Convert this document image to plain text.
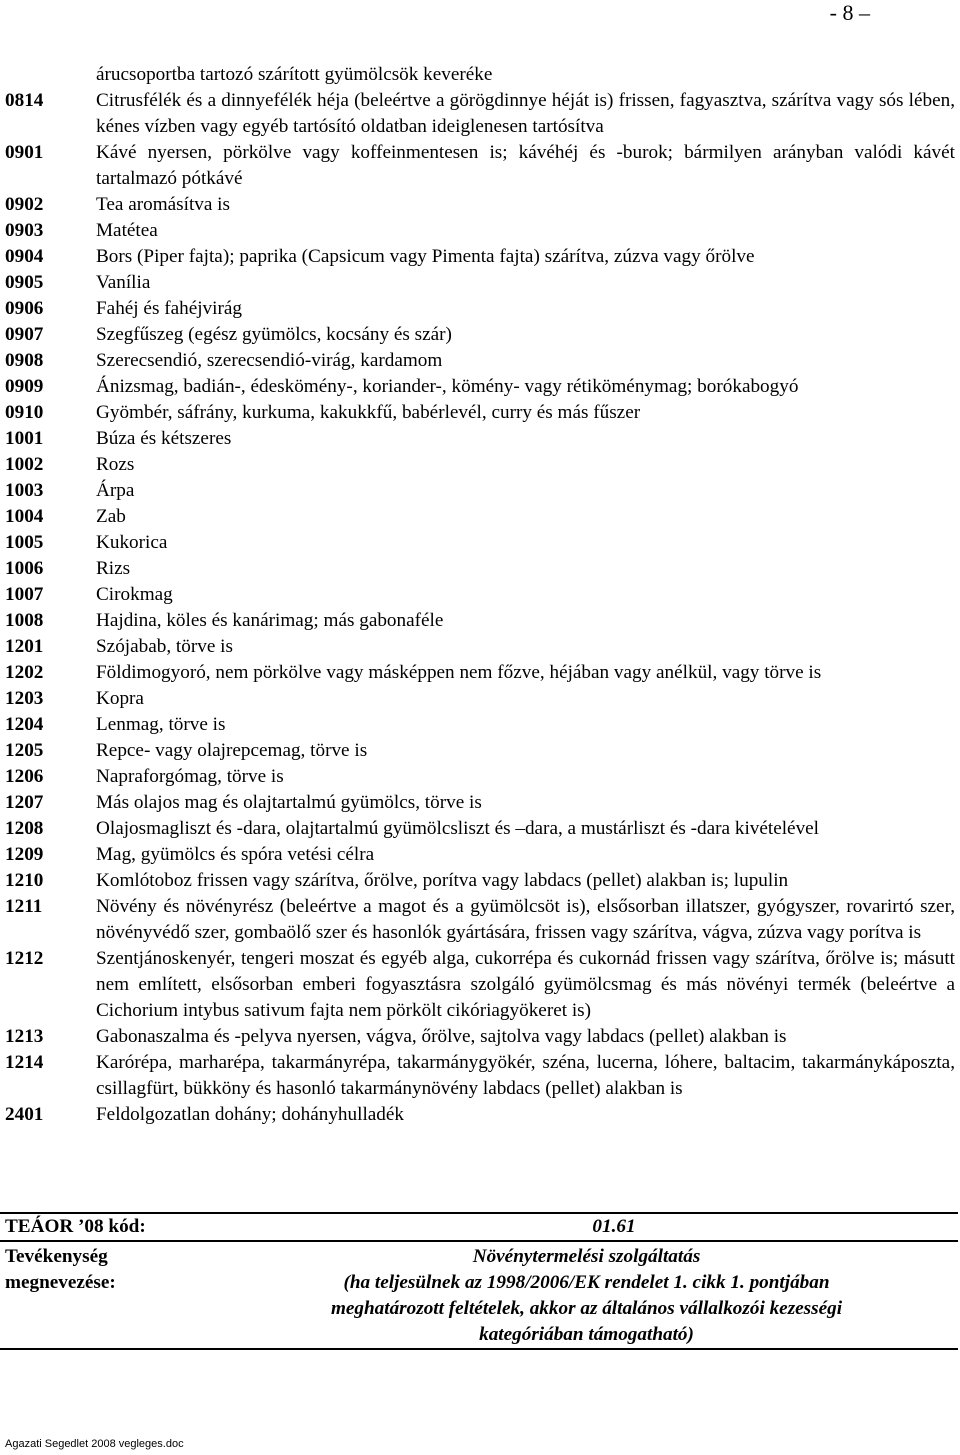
- 8 –
árucsoportba tartozó szárított gyümölcsök keveréke
0814	Citrusfélék és a dinnyefélék héja (beleértve a görögdinnye héját is) frissen, fagyasztva, szárítva vagy sós lében, kénes vízben vagy egyéb tartósító oldatban ideiglenesen tartósítva
0901	Kávé nyersen, pörkölve vagy koffeinmentesen is; kávéhéj és -burok; bármilyen arányban valódi kávét tartalmazó pótkávé
0902	Tea aromásítva is
0903	Matétea
0904	Bors (Piper fajta); paprika (Capsicum vagy Pimenta fajta) szárítva, zúzva vagy őrölve
0905	Vanília
0906	Fahéj és fahéjvirág
0907	Szegfűszeg (egész gyümölcs, kocsány és szár)
0908	Szerecsendió, szerecsendió-virág, kardamom
0909	Ánizsmag, badián-, édeskömény-, koriander-, kömény- vagy rétiköménymag; borókabogyó
0910	Gyömbér, sáfrány, kurkuma, kakukkfű, babérlevél, curry és más fűszer
1001	Búza és kétszeres
1002	Rozs
1003	Árpa
1004	Zab
1005	Kukorica
1006	Rizs
1007	Cirokmag
1008	Hajdina, köles és kanárimag; más gabonaféle
1201	Szójabab, törve is
1202	Földimogyoró, nem pörkölve vagy másképpen nem főzve, héjában vagy anélkül, vagy törve is
1203	Kopra
1204	Lenmag, törve is
1205	Repce- vagy olajrepcemag, törve is
1206	Napraforgómag, törve is
1207	Más olajos mag és olajtartalmú gyümölcs, törve is
1208	Olajosmagliszt és -dara, olajtartalmú gyümölcsliszt és –dara, a mustárliszt és -dara kivételével
1209	Mag, gyümölcs és spóra vetési célra
1210	Komlótoboz frissen vagy szárítva, őrölve, porítva vagy labdacs (pellet) alakban is; lupulin
1211	Növény és növényrész (beleértve a magot és a gyümölcsöt is), elsősorban illatszer, gyógyszer, rovarirtó szer, növényvédő szer, gombaölő szer és hasonlók gyártására, frissen vagy szárítva, vágva, zúzva vagy porítva is
1212	Szentjánoskenyér, tengeri moszat és egyéb alga, cukorrépa és cukornád frissen vagy szárítva, őrölve is; másutt nem említett, elsősorban emberi fogyasztásra szolgáló gyümölcsmag és más növényi termék (beleértve a Cichorium intybus sativum fajta nem pörkölt cikóriagyökeret is)
1213	Gabonaszalma és -pelyva nyersen, vágva, őrölve, sajtolva vagy labdacs (pellet) alakban is
1214	Karórépa, marharépa, takarmányrépa, takarmánygyökér, széna, lucerna, lóhere, baltacim, takarmánykáposzta, csillagfürt, bükköny és hasonló takarmánynövény labdacs (pellet) alakban is
2401	Feldolgozatlan dohány; dohányhulladék
TEÁOR ’08 kód:	01.61
Tevékenység
megnevezése:
Növénytermelési szolgáltatás
(ha teljesülnek az 1998/2006/EK rendelet 1. cikk 1. pontjában
meghatározott feltételek, akkor az általános vállalkozói kezességi
kategóriában támogatható)
Agazati Segedlet 2008 vegleges.doc
